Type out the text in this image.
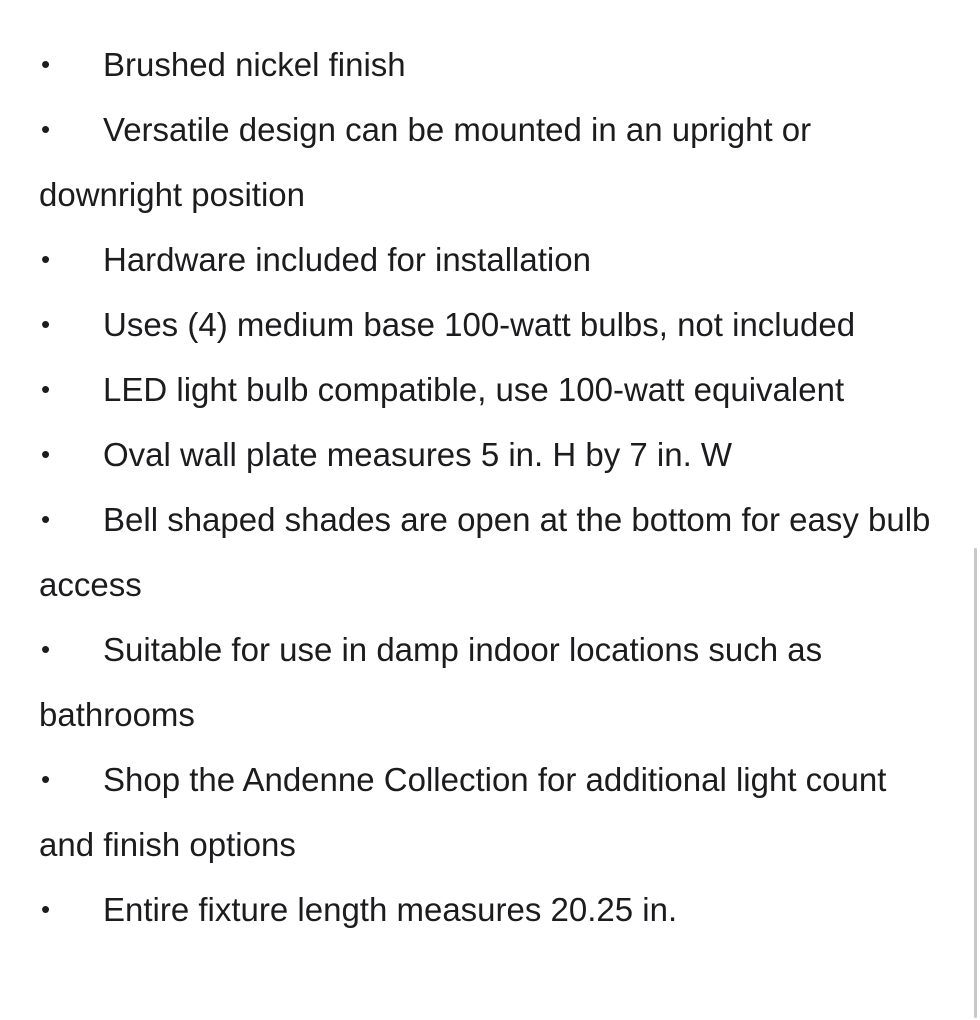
• Brushed nickel finish

• Versatile design can be mounted in an upright or downright position

• Hardware included for installation

• Uses (4) medium base 100-watt bulbs, not included

• LED light bulb compatible, use 100-watt equivalent

• Oval wall plate measures 5 in. H by 7 in. W

• Bell shaped shades are open at the bottom for easy bulb access

• Suitable for use in damp indoor locations such as bathrooms

• Shop the Andenne Collection for additional light count and finish options

• Entire fixture length measures 20.25 in.
